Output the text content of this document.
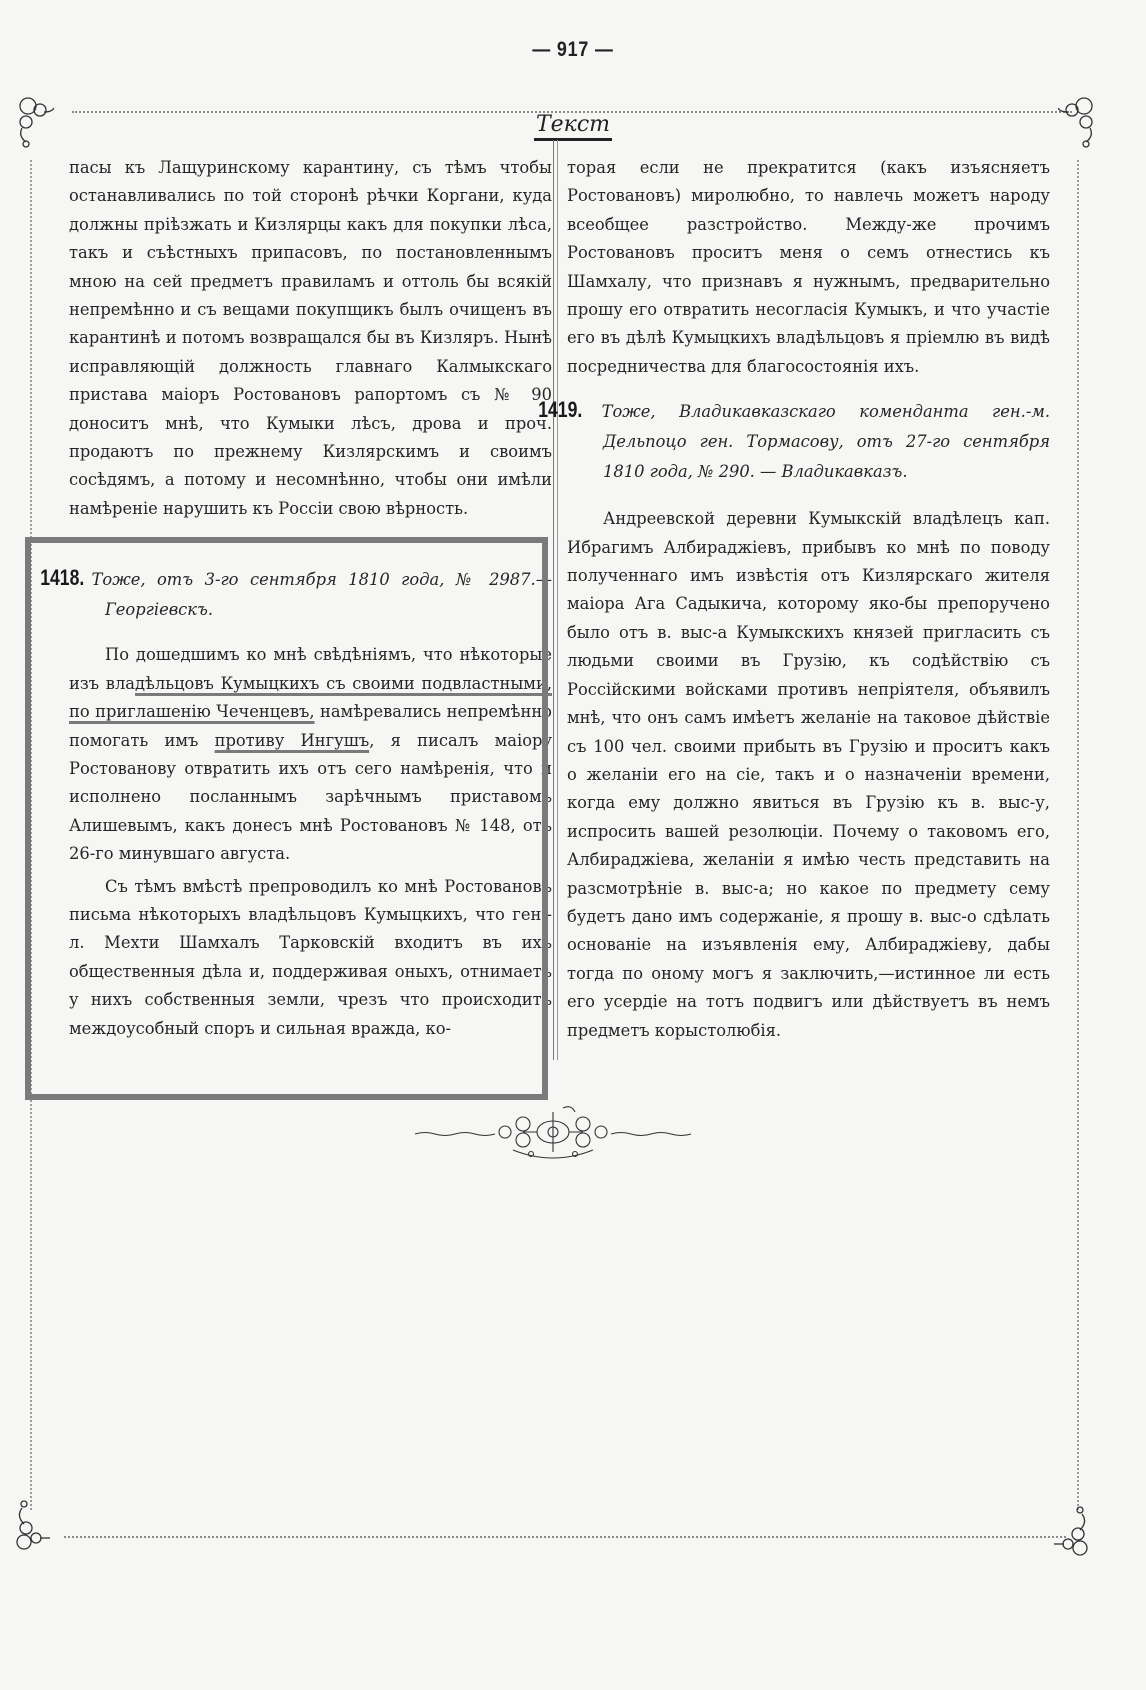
— 917 —
Текст

пасы къ Лащуринскому карантину, съ тѣмъ чтобы останавливались по той сторонѣ рѣчки Коргани, куда должны прiѣзжать и Кизлярцы какъ для покупки лѣса, такъ и съѣстныхъ припасовъ, по постановленнымъ мною на сей предметъ правиламъ и оттоль бы всякiй непремѣнно и съ вещами покупщикъ былъ очищенъ въ карантинѣ и потомъ возвращался бы въ Кизляръ. Нынѣ исправляющiй должность главнаго Калмыкскаго пристава маiоръ Ростовановъ рапортомъ съ № 90 доноситъ мнѣ, что Кумыки лѣсъ, дрова и проч. продаютъ по прежнему Кизлярскимъ и своимъ сосѣдямъ, а потому и несомнѣнно, чтобы они имѣли намѣренiе нарушить къ Россiи свою вѣрность.

1418. Тоже, отъ 3-го сентября 1810 года, № 2987.— Георгiевскъ.

По дошедшимъ ко мнѣ свѣдѣнiямъ, что нѣкоторые изъ владѣльцовъ Кумыцкихъ съ своими подвластными, по приглашенiю Чеченцевъ, намѣревались непремѣнно помогать имъ противу Ингушъ, я писалъ маiору Ростованову отвратить ихъ отъ сего намѣренiя, что и исполнено посланнымъ зарѣчнымъ приставомъ Алишевымъ, какъ донесъ мнѣ Ростовановъ № 148, отъ 26-го минувшаго августа.

Съ тѣмъ вмѣстѣ препроводилъ ко мнѣ Ростовановъ письма нѣкоторыхъ владѣльцовъ Кумыцкихъ, что ген.-л. Мехти Шамхалъ Тарковскiй входитъ въ ихъ общественныя дѣла и, поддерживая оныхъ, отнимаетъ у нихъ собственныя земли, чрезъ что происходитъ междоусобный споръ и сильная вражда, ко-

торая если не прекратится (какъ изъясняетъ Ростовановъ) миролюбно, то навлечь можетъ народу всеобщее разстройство. Между-же прочимъ Ростовановъ проситъ меня о семъ отнестись къ Шамхалу, что признавъ я нужнымъ, предварительно прошу его отвратить несогласiя Кумыкъ, и что участiе его въ дѣлѣ Кумыцкихъ владѣльцовъ я прiемлю въ видѣ посредничества для благосостоянiя ихъ.

1419. Тоже, Владикавказскаго коменданта ген.-м. Дельпоцо ген. Тормасову, отъ 27-го сентября 1810 года, № 290. — Владикавказъ.

Андреевской деревни Кумыкскiй владѣлецъ кап. Ибрагимъ Албираджiевъ, прибывъ ко мнѣ по поводу полученнаго имъ извѣстiя отъ Кизлярскаго жителя маiора Ага Садыкича, которому яко-бы препоручено было отъ в. выс-а Кумыкскихъ князей пригласить съ людьми своими въ Грузiю, къ содѣйствiю съ Россiйскими войсками противъ непрiятеля, объявилъ мнѣ, что онъ самъ имѣетъ желанiе на таковое дѣйствiе съ 100 чел. своими прибыть въ Грузiю и проситъ какъ о желанiи его на сiе, такъ и о назначенiи времени, когда ему должно явиться въ Грузiю къ в. выс-у, испросить вашей резолюцiи. Почему о таковомъ его, Албираджiева, желанiи я имѣю честь представить на разсмотрѣнiе в. выс-а; но какое по предмету сему будетъ дано имъ содержанiе, я прошу в. выс-о сдѣлать основанiе на изъявленiя ему, Албираджiеву, дабы тогда по оному могъ я заключить,—истинное ли есть его усердiе на тотъ подвигъ или дѣйствуетъ въ немъ предметъ корыстолюбiя.
